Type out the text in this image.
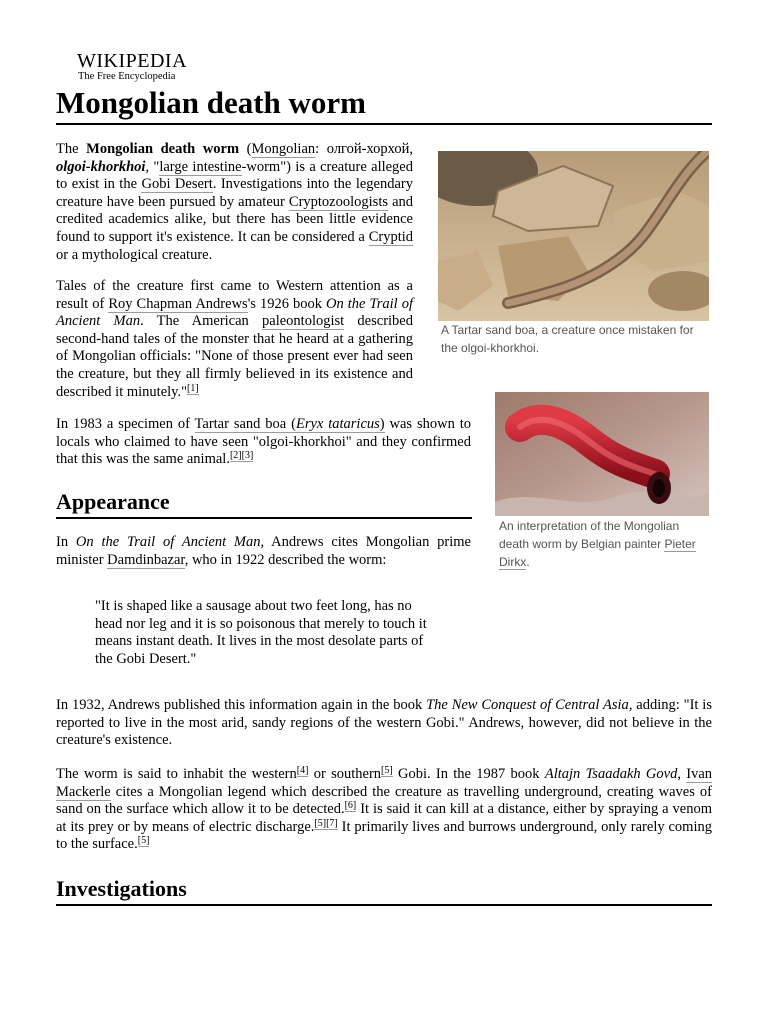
WIKIPEDIA
The Free Encyclopedia
Mongolian death worm

The Mongolian death worm (Mongolian: олгой-хорхой, olgoi-khorkhoi, "large intestine-worm") is a creature alleged to exist in the Gobi Desert. Investigations into the legendary creature have been pursued by amateur Cryptozoologists and credited academics alike, but there has been little evidence found to support it's existence. It can be considered a Cryptid or a mythological creature.

Tales of the creature first came to Western attention as a result of Roy Chapman Andrews's 1926 book On the Trail of Ancient Man. The American paleontologist described second-hand tales of the monster that he heard at a gathering of Mongolian officials: "None of those present ever had seen the creature, but they all firmly believed in its existence and described it minutely."[1]

In 1983 a specimen of Tartar sand boa (Eryx tataricus) was shown to locals who claimed to have seen "olgoi-khorkhoi" and they confirmed that this was the same animal.[2][3]

A Tartar sand boa, a creature once mistaken for the olgoi-khorkhoi.
An interpretation of the Mongolian death worm by Belgian painter Pieter Dirkx.
Appearance

In On the Trail of Ancient Man, Andrews cites Mongolian prime minister Damdinbazar, who in 1922 described the worm:

"It is shaped like a sausage about two feet long, has no head nor leg and it is so poisonous that merely to touch it means instant death. It lives in the most desolate parts of the Gobi Desert."

In 1932, Andrews published this information again in the book The New Conquest of Central Asia, adding: "It is reported to live in the most arid, sandy regions of the western Gobi." Andrews, however, did not believe in the creature's existence.

The worm is said to inhabit the western[4] or southern[5] Gobi. In the 1987 book Altajn Tsaadakh Govd, Ivan Mackerle cites a Mongolian legend which described the creature as travelling underground, creating waves of sand on the surface which allow it to be detected.[6] It is said it can kill at a distance, either by spraying a venom at its prey or by means of electric discharge.[5][7] It primarily lives and burrows underground, only rarely coming to the surface.[5]

Investigations
